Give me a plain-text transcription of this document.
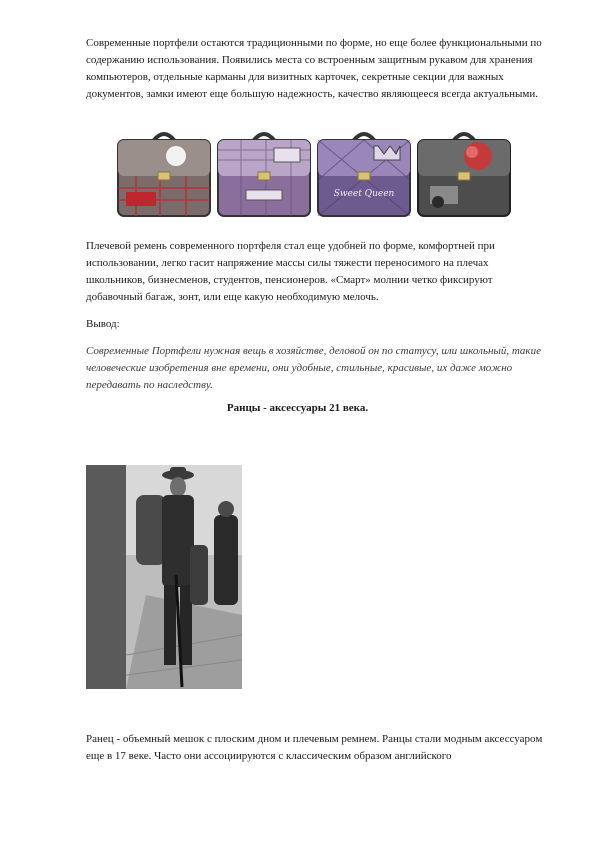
Современные портфели остаются традиционными по форме, но еще более функциональными по содержанию использования. Появились места со встроенным защитным рукавом для хранения компьютеров, отдельные карманы для визитных карточек, секретные секции для важных документов, замки имеют еще большую надежность, качество являющееся всегда актуальными.

Sweet Queen

Плечевой ремень современного портфеля стал еще удобней по форме, комфортней при использовании, легко гасит напряжение массы силы тяжести переносимого на плечах школьников, бизнесменов, студентов, пенсионеров. «Смарт» молнии четко фиксируют добавочный багаж, зонт, или еще какую необходимую мелочь.

Вывод:

Современные Портфели нужная вещь в хозяйстве, деловой он по статусу, или школьный, такие человеческие изобретения вне времени, они удобные, стильные, красивые, их даже можно передавать по наследству.

Ранцы - аксессуары 21 века.

Ранец - объемный мешок с плоским дном и плечевым ремнем. Ранцы стали модным аксессуаром еще в 17 веке. Часто они ассоциируются с классическим образом английского
